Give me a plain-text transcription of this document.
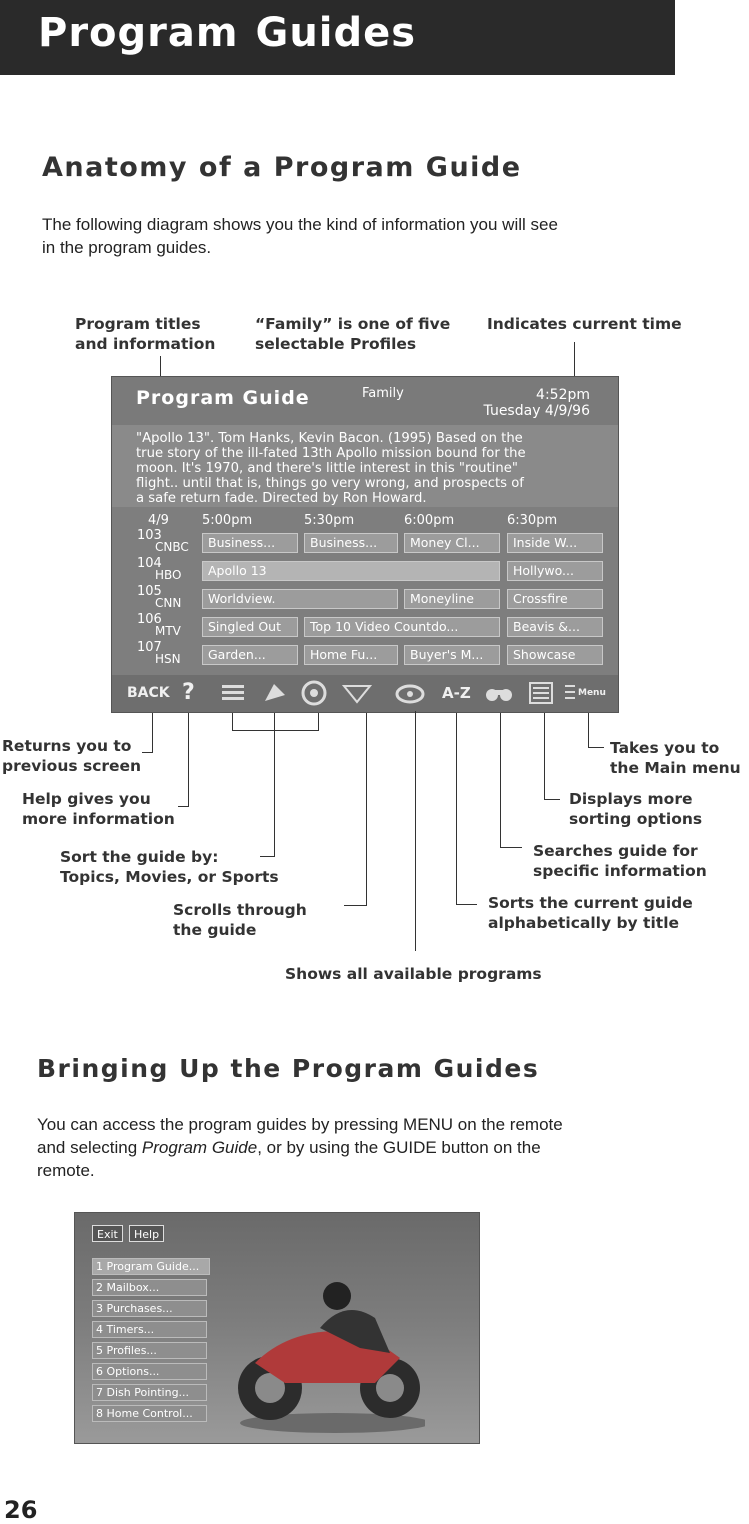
Program Guides
Anatomy of a Program Guide
The following diagram shows you the kind of information you will see
in the program guides.
Program titles
and information
“Family” is one of five
selectable Profiles
Indicates current time
Program Guide	Family	4:52pm
Tuesday 4/9/96
"Apollo 13". Tom Hanks, Kevin Bacon. (1995) Based on the
true story of the ill-fated 13th Apollo mission bound for the
moon. It's 1970, and there's little interest in this "routine"
flight.. until that is, things go very wrong, and prospects of
a safe return fade. Directed by Ron Howard.
4/9	5:00pm	5:30pm	6:00pm	6:30pm
103
CNBC	Business...	Business...	Money Cl...	Inside W...
104
HBO	Apollo 13	Hollywo...
105
CNN	Worldview.	Moneyline	Crossfire
106
MTV	Singled Out	Top 10 Video Countdo...	Beavis &...
107
HSN	Garden...	Home Fu...	Buyer's M...	Showcase
BACK ?	A-Z	Menu
Returns you to
previous screen
Help gives you
more information
Sort the guide by:
Topics, Movies, or Sports
Scrolls through
the guide
Shows all available programs
Takes you to
the Main menu
Displays more
sorting options
Searches guide for
specific information
Sorts the current guide
alphabetically by title
Bringing Up the Program Guides
You can access the program guides by pressing MENU on the remote
and selecting Program Guide, or by using the GUIDE button on the
remote.
Exit	Help
1 Program Guide...
2 Mailbox...
3 Purchases...
4 Timers...
5 Profiles...
6 Options...
7 Dish Pointing...
8 Home Control...
26
